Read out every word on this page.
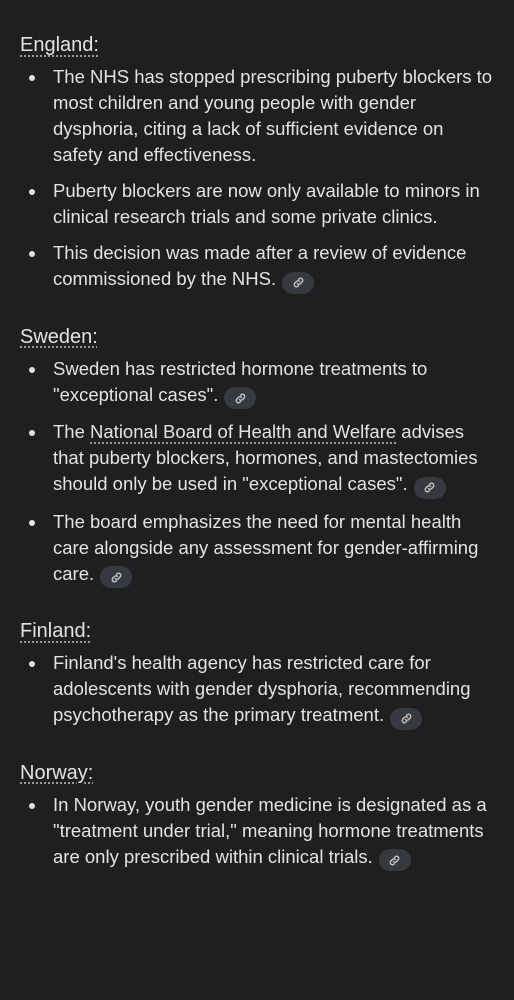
England:
The NHS has stopped prescribing puberty blockers to most children and young people with gender dysphoria, citing a lack of sufficient evidence on safety and effectiveness.
Puberty blockers are now only available to minors in clinical research trials and some private clinics.
This decision was made after a review of evidence commissioned by the NHS.
Sweden:
Sweden has restricted hormone treatments to "exceptional cases".
The National Board of Health and Welfare advises that puberty blockers, hormones, and mastectomies should only be used in "exceptional cases".
The board emphasizes the need for mental health care alongside any assessment for gender-affirming care.
Finland:
Finland's health agency has restricted care for adolescents with gender dysphoria, recommending psychotherapy as the primary treatment.
Norway:
In Norway, youth gender medicine is designated as a "treatment under trial," meaning hormone treatments are only prescribed within clinical trials.
